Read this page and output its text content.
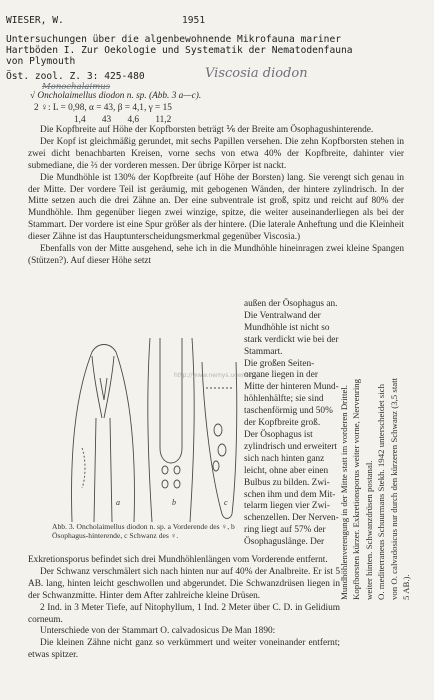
WIESER, W.	1951
Untersuchungen über die algenbewohnende Mikrofauna mariner
Hartböden I. Zur Oekologie und Systematik der Nematodenfauna
von Plymouth
Öst. zool. Z. 3: 425-480	Viscosia diodon
Monochalaimus
√ Oncholaimellus diodon n. sp. (Abb. 3 a—c).
2 ♀: L = 0,98, α = 43, β = 4,1, γ = 15
1,4       43       4,6       11,2

Die Kopfbreite auf Höhe der Kopfborsten beträgt ⅙ der Breite am Ösophagushinterende.

Der Kopf ist gleichmäßig gerundet, mit sechs Papillen versehen. Die zehn Kopfborsten stehen in zwei dicht benachbarten Kreisen, vorne sechs von etwa 40% der Kopfbreite, dahinter vier submediane, die ⅔ der vorderen messen. Der übrige Körper ist nackt.

Die Mundhöhle ist 130% der Kopfbreite (auf Höhe der Borsten) lang. Sie verengt sich genau in der Mitte. Der vordere Teil ist geräumig, mit gebogenen Wänden, der hintere zylindrisch. In der Mitte setzen auch die drei Zähne an. Der eine subventrale ist groß, spitz und reicht auf 80% der Mundhöhle. Ihm gegenüber liegen zwei winzige, spitze, die weiter auseinanderliegen als bei der Stammart. Der vordere ist eine Spur größer als der hintere. (Die laterale Anheftung und die Kleinheit dieser Zähne ist das Hauptunterscheidungsmerkmal gegenüber Viscosia.)

Ebenfalls von der Mitte ausgehend, sehe ich in die Mundhöhle hineinragen zwei kleine Spangen (Stützen?). Auf dieser Höhe setzt

a	b	c
http://www.nemys.ugent.be/...
Abb. 3. Oncholaimellus diodon n. sp. a Vorderende des ♀, b Ösophagus-hinterende, c Schwanz des ♀.
außen der Ösophagus an.
Die Ventralwand der
Mundhöhle ist nicht so
stark verdickt wie bei der
Stammart.
Die großen Seiten-
organe liegen in der
Mitte der hinteren Mund-
höhlenhälfte; sie sind
taschenförmig und 50%
der Kopfbreite groß.
Der Ösophagus ist
zylindrisch und erweitert
sich nach hinten ganz
leicht, ohne aber einen
Bulbus zu bilden. Zwi-
schen ihm und dem Mit-
telarm liegen vier Zwi-
schenzellen. Der Nerven-
ring liegt auf 57% der
Ösophaguslänge. Der

Exkretionsporus befindet sich drei Mundhöhlenlängen vom Vorderende entfernt.

Der Schwanz verschmälert sich nach hinten nur auf 40% der Analbreite. Er ist 5 AB. lang, hinten leicht geschwollen und abgerundet. Die Schwanzdrüsen liegen in der Schwanzmitte. Hinter dem After zahlreiche kleine Drüsen.

2 Ind. in 3 Meter Tiefe, auf Nitophyllum, 1 Ind. 2 Meter über C. D. in Gelidium corneum.

Unterschiede von der Stammart O. calvadosicus De Man 1890:

Die kleinen Zähne nicht ganz so verkümmert und weiter voneinander entfernt; etwas spitzer.

Mundhöhlenverengung in der Mitte statt im vorderen Drittel. Kopfborsten kürzer. Exkretionsporus weiter vorne, Nervenring weiter hinten. Schwanzdrüsen postanal. O. mediterraneus Schuurmans Stekh. 1942 unterscheidet sich von O. calvadosicus nur durch den kürzeren Schwanz (3,5 statt 5 AB.).
